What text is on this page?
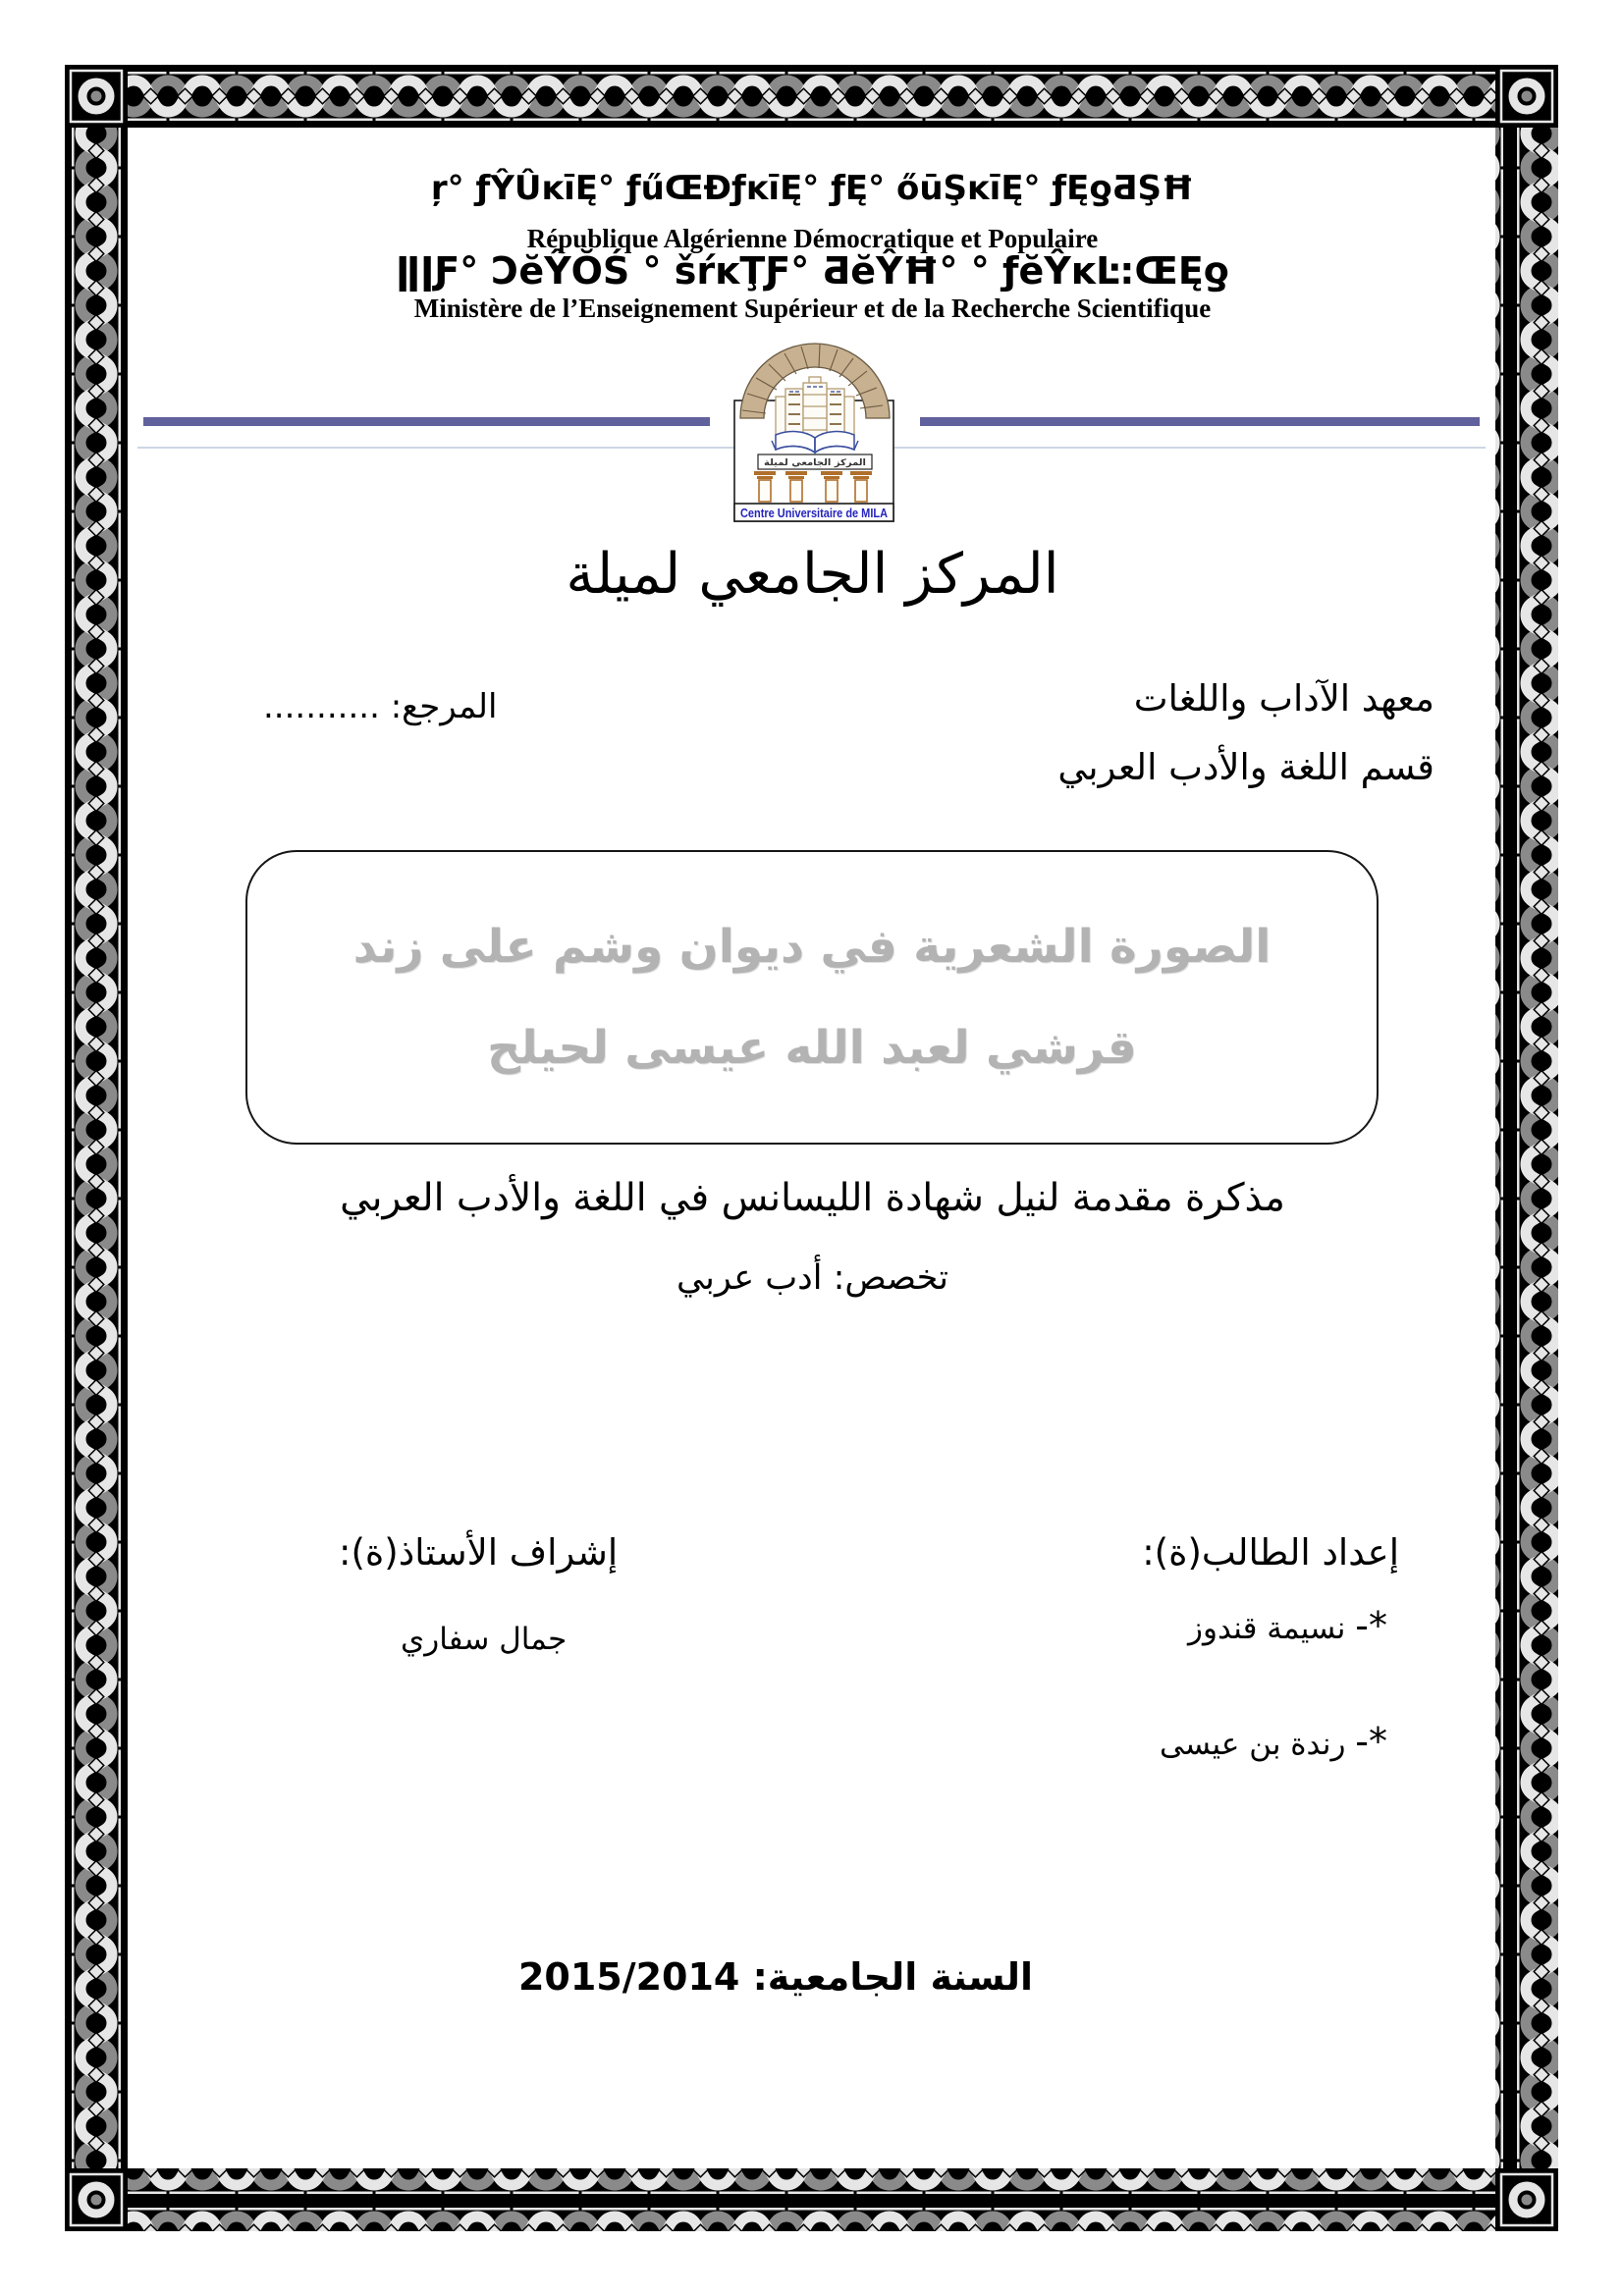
ŗ° ƒŶÛĸīĘ° ƒűŒĐƒĸīĘ° ƒĘ° őūŞĸīĘ° ƒĘƍƋŞĦ
République Algérienne Démocratique et Populaire
ǁǀƑ° ƆĕŶŎŚ ° šŕĸŢƑ° ƋĕŶĦ° ° ƒĕŶĸĿ:ŒĘƍ
Ministère de l’Enseignement Supérieur et de la Recherche Scientifique
المركز الجامعي لميلة
Centre Universitaire de MILA
المركز الجامعي لميلة
معهد الآداب واللغات
المرجع: ...........
قسم اللغة والأدب العربي
الصورة الشعرية في ديوان وشم على زند
قرشي لعبد الله عيسى لحيلح
مذكرة مقدمة لنيل شهادة الليسانس في اللغة والأدب العربي
تخصص: أدب عربي
إعداد الطالب(ة):
إشراف الأستاذ(ة):
*- نسيمة قندوز
جمال سفاري
*- رندة بن عيسى
السنة الجامعية: 2015/2014
